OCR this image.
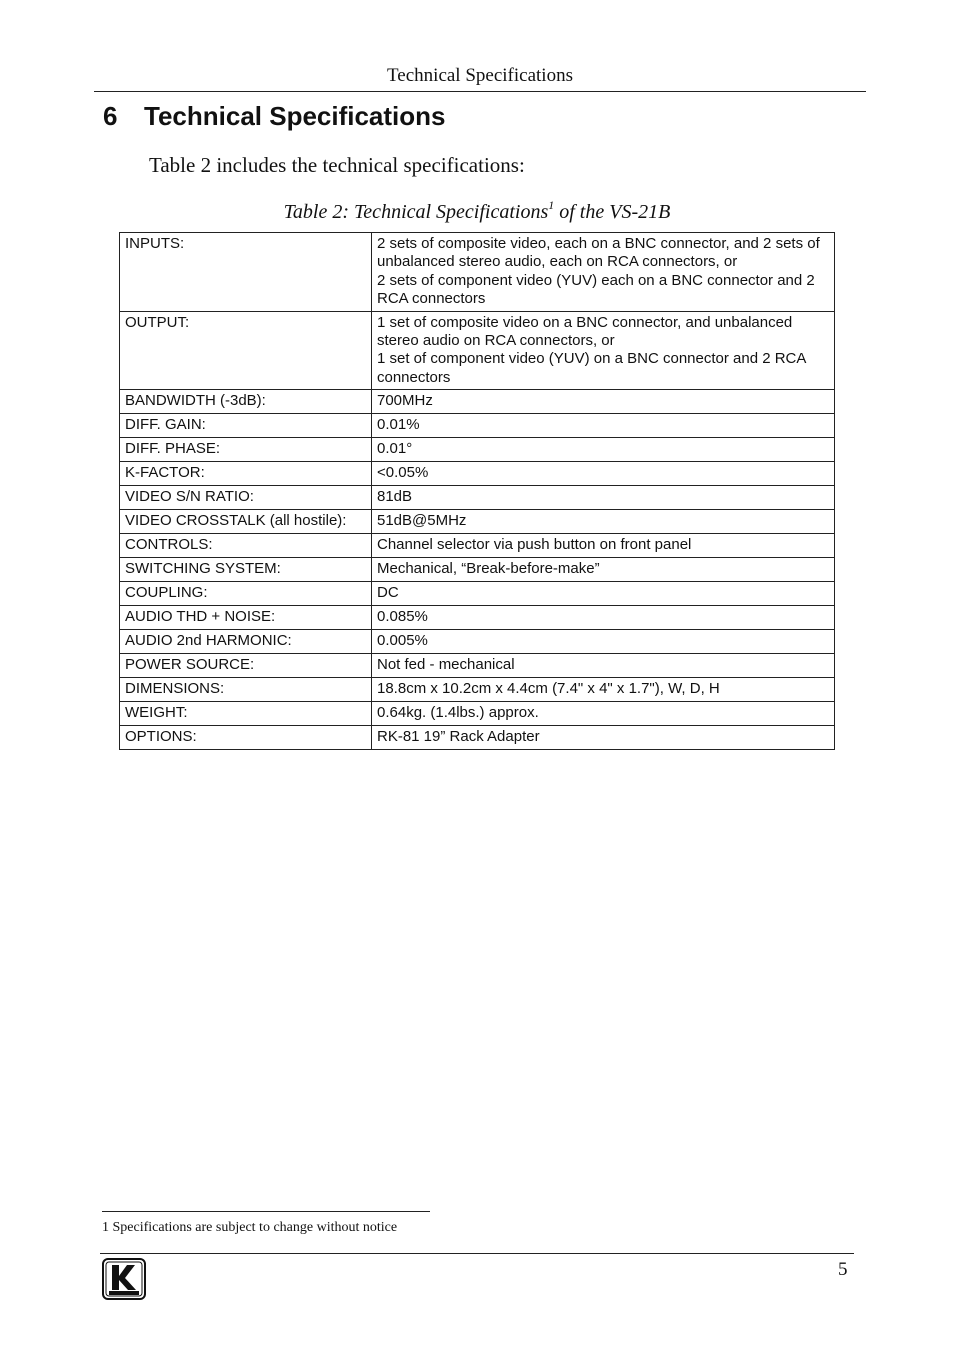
Technical Specifications
6 Technical Specifications
Table 2 includes the technical specifications:
Table 2: Technical Specifications$^1$ of the VS-21B
INPUTS:	2 sets of composite video, each on a BNC connector, and 2 sets of unbalanced stereo audio, each on RCA connectors, or
2 sets of component video (YUV) each on a BNC connector and 2 RCA connectors

OUTPUT:	1 set of composite video on a BNC connector, and unbalanced stereo audio on RCA connectors, or
1 set of component video (YUV) on a BNC connector and 2 RCA connectors

BANDWIDTH (-3dB):	700MHz

DIFF. GAIN:	0.01%

DIFF. PHASE:	0.01°

K-FACTOR:	<0.05%

VIDEO S/N RATIO:	81dB

VIDEO CROSSTALK (all hostile):	51dB@5MHz

CONTROLS:	Channel selector via push button on front panel

SWITCHING SYSTEM:	Mechanical, “Break-before-make”

COUPLING:	DC

AUDIO THD + NOISE:	0.085%

AUDIO 2nd HARMONIC:	0.005%

POWER SOURCE:	Not fed - mechanical

DIMENSIONS:	18.8cm x 10.2cm x 4.4cm (7.4" x 4" x 1.7"), W, D, H

WEIGHT:	0.64kg. (1.4lbs.) approx.

OPTIONS:	RK-81 19” Rack Adapter
1 Specifications are subject to change without notice
5
